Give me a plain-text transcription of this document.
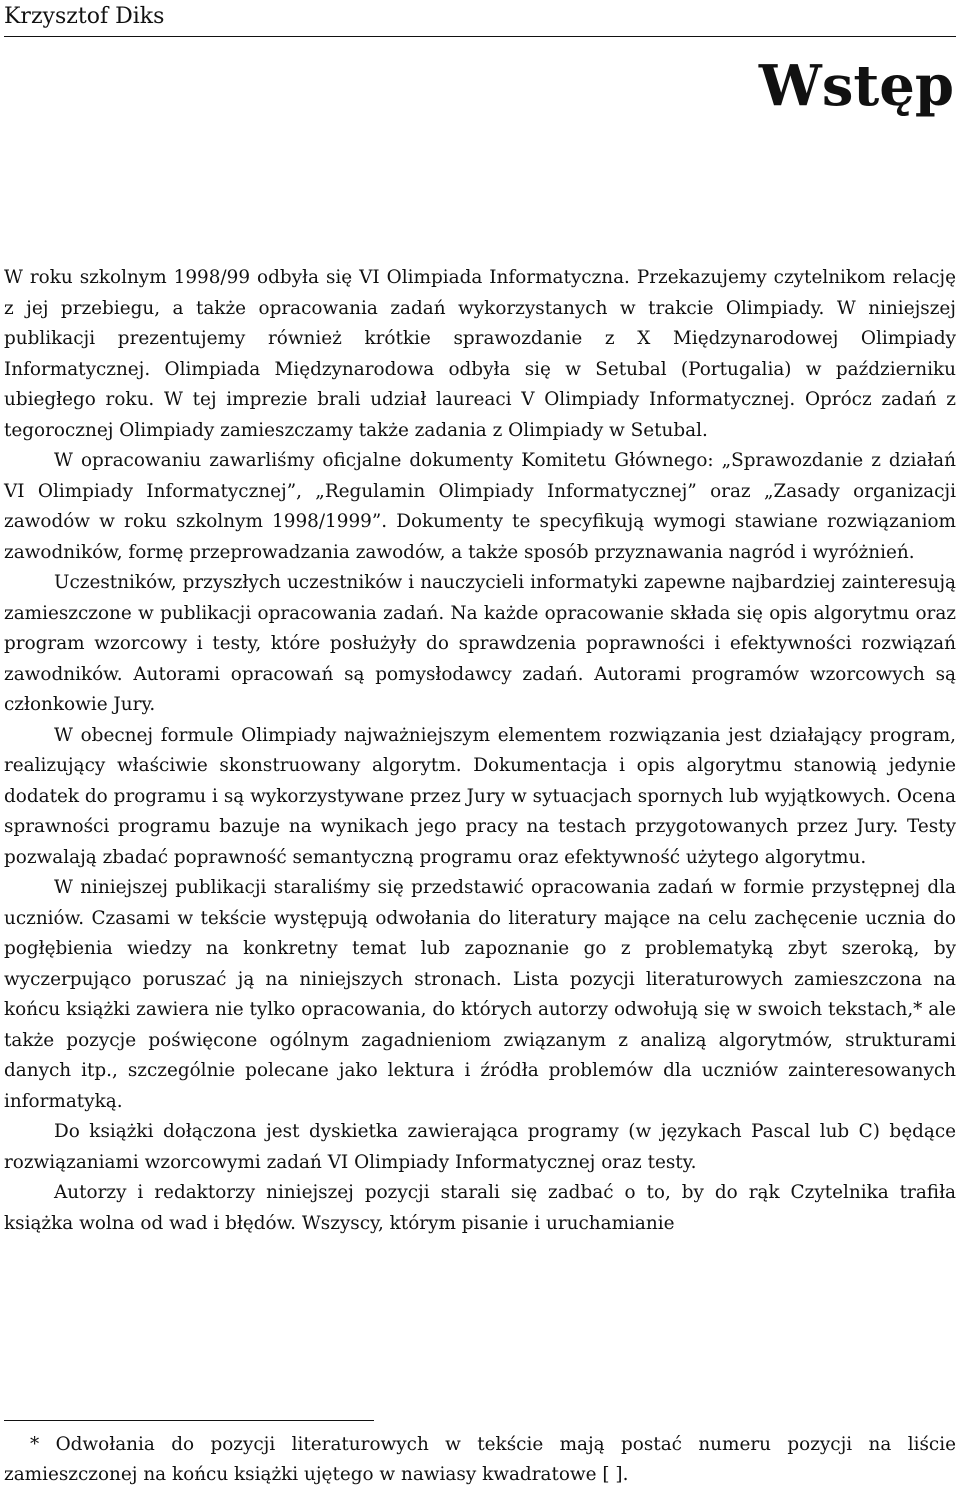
Krzysztof Diks
Wstęp

W roku szkolnym 1998/99 odbyła się VI Olimpiada Informatyczna. Przekazujemy czytelnikom relację z jej przebiegu, a także opracowania zadań wykorzystanych w trakcie Olimpiady. W niniejszej publikacji prezentujemy również krótkie sprawozdanie z X Międzynarodowej Olimpiady Informatycznej. Olimpiada Międzynarodowa odbyła się w Setubal (Portugalia) w październiku ubiegłego roku. W tej imprezie brali udział laureaci V Olimpiady Informatycznej. Oprócz zadań z tegorocznej Olimpiady zamieszczamy także zadania z Olimpiady w Setubal.

W opracowaniu zawarliśmy oficjalne dokumenty Komitetu Głównego: „Sprawozdanie z działań VI Olimpiady Informatycznej”, „Regulamin Olimpiady Informatycznej” oraz „Zasady organizacji zawodów w roku szkolnym 1998/1999”. Dokumenty te specyfikują wymogi stawiane rozwiązaniom zawodników, formę przeprowadzania zawodów, a także sposób przyznawania nagród i wyróżnień.

Uczestników, przyszłych uczestników i nauczycieli informatyki zapewne najbardziej zainteresują zamieszczone w publikacji opracowania zadań. Na każde opracowanie składa się opis algorytmu oraz program wzorcowy i testy, które posłużyły do sprawdzenia poprawności i efektywności rozwiązań zawodników. Autorami opracowań są pomysłodawcy zadań. Autorami programów wzorcowych są członkowie Jury.

W obecnej formule Olimpiady najważniejszym elementem rozwiązania jest działający program, realizujący właściwie skonstruowany algorytm. Dokumentacja i opis algorytmu stanowią jedynie dodatek do programu i są wykorzystywane przez Jury w sytuacjach spornych lub wyjątkowych. Ocena sprawności programu bazuje na wynikach jego pracy na testach przygotowanych przez Jury. Testy pozwalają zbadać poprawność semantyczną programu oraz efektywność użytego algorytmu.

W niniejszej publikacji staraliśmy się przedstawić opracowania zadań w formie przystępnej dla uczniów. Czasami w tekście występują odwołania do literatury mające na celu zachęcenie ucznia do pogłębienia wiedzy na konkretny temat lub zapoznanie go z problematyką zbyt szeroką, by wyczerpująco poruszać ją na niniejszych stronach. Lista pozycji literaturowych zamieszczona na końcu książki zawiera nie tylko opracowania, do których autorzy odwołują się w swoich tekstach,* ale także pozycje poświęcone ogólnym zagadnieniom związanym z analizą algorytmów, strukturami danych itp., szczególnie polecane jako lektura i źródła problemów dla uczniów zainteresowanych informatyką.

Do książki dołączona jest dyskietka zawierająca programy (w językach Pascal lub C) będące rozwiązaniami wzorcowymi zadań VI Olimpiady Informatycznej oraz testy.

Autorzy i redaktorzy niniejszej pozycji starali się zadbać o to, by do rąk Czytelnika trafiła książka wolna od wad i błędów. Wszyscy, którym pisanie i uruchamianie

* Odwołania do pozycji literaturowych w tekście mają postać numeru pozycji na liście zamieszczonej na końcu książki ujętego w nawiasy kwadratowe [ ].
